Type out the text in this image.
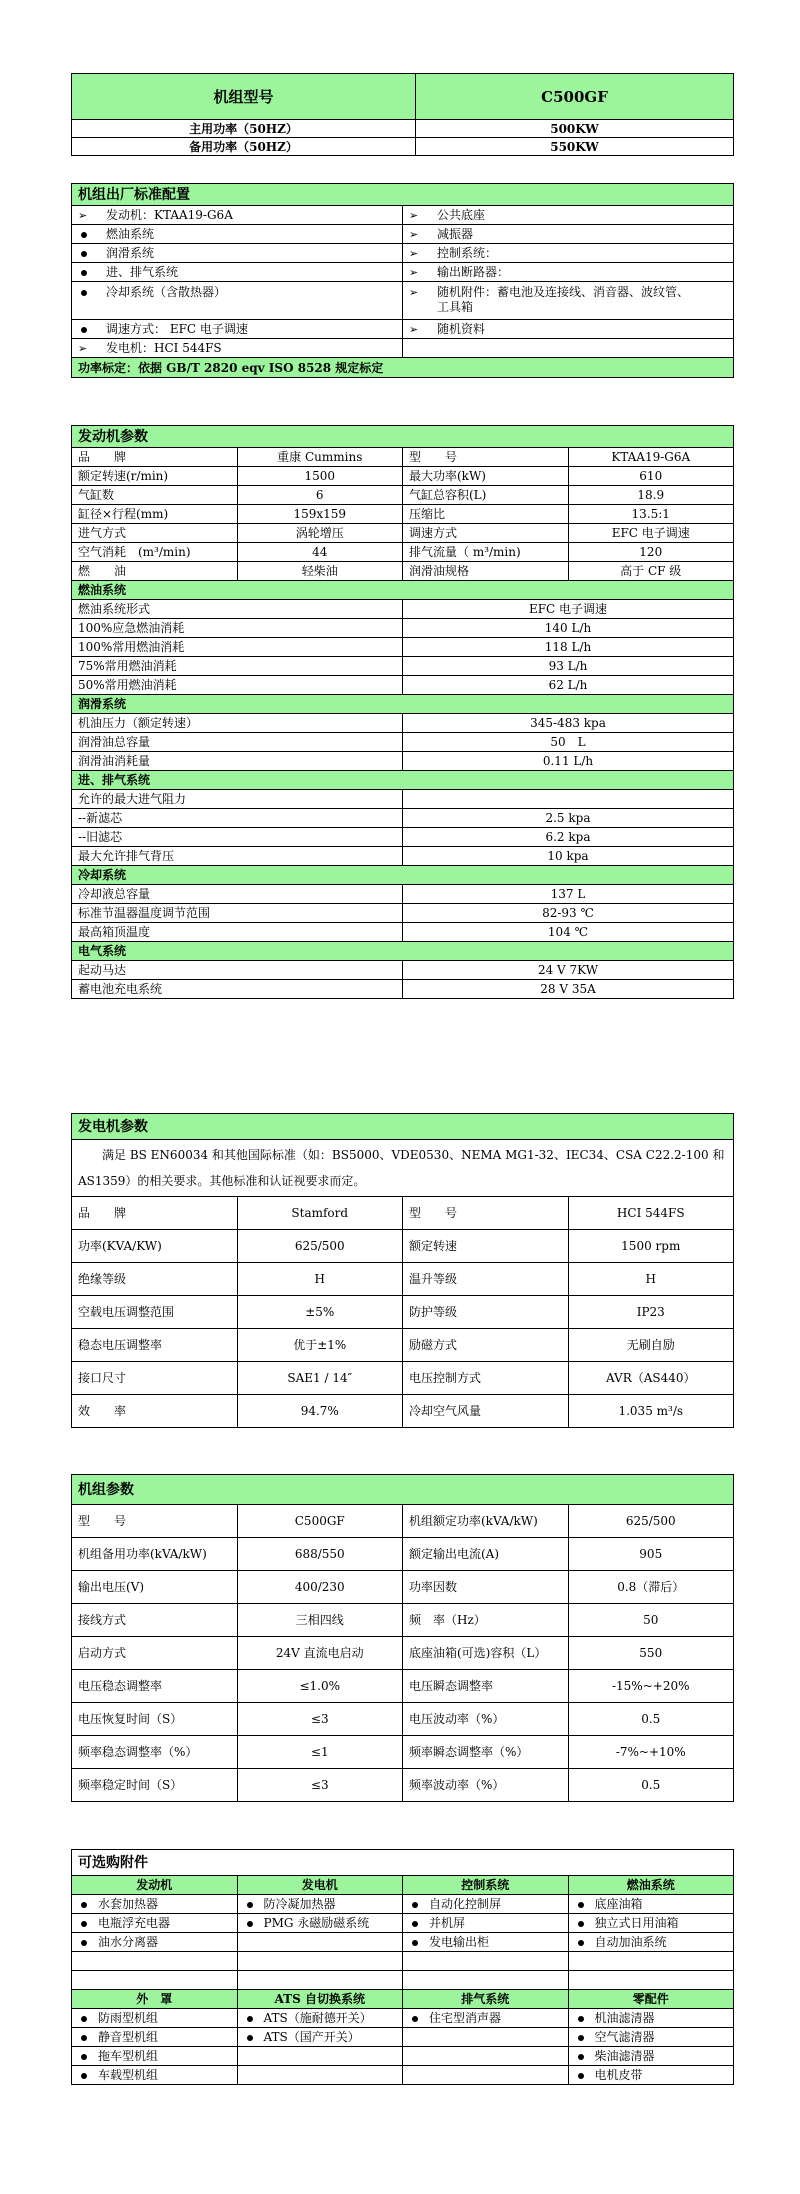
机组型号	C500GF
主用功率（50HZ）	500KW
备用功率（50HZ）	550KW
机组出厂标准配置	
➢ 发动机：KTAA19-G6A	➢ 公共底座
燃油系统	➢ 减振器
润滑系统	➢ 控制系统：
进、排气系统	➢ 输出断路器：
冷却系统（含散热器）	➢ 随机附件：蓄电池及连接线、消音器、波纹管、
工具箱

调速方式： EFC 电子调速	➢ 随机资料
➢ 发电机：HCI 544FS	
功率标定：依据 GB/T 2820 eqv ISO 8528 规定标定	
发动机参数			
品　　牌	重康 Cummins	型　　号	KTAA19-G6A
额定转速(r/min)	1500	最大功率(kW)	610
气缸数	6	气缸总容积(L)	18.9
缸径×行程(mm)	159x159	压缩比	13.5:1
进气方式	涡轮增压	调速方式	EFC 电子调速
空气消耗　(m³/min)	44	排气流量（ m³/min)	120
燃　　油	轻柴油	润滑油规格	高于 CF 级
燃油系统			
燃油系统形式		EFC 电子调速	
100%应急燃油消耗		140 L/h	
100%常用燃油消耗		118 L/h	
75%常用燃油消耗		93 L/h	
50%常用燃油消耗		62 L/h	
润滑系统			
机油压力（额定转速）		345-483 kpa	
润滑油总容量		50　L	
润滑油消耗量		0.11 L/h	
进、排气系统			
允许的最大进气阻力			
--新滤芯		2.5 kpa	
--旧滤芯		6.2 kpa	
最大允许排气背压		10 kpa	
冷却系统			
冷却液总容量		137 L	
标准节温器温度调节范围		82-93 ℃	
最高箱顶温度		104 ℃	
电气系统			
起动马达		24 V 7KW	
蓄电池充电系统		28 V 35A	
发电机参数			

满足 BS EN60034 和其他国际标准（如：BS5000、VDE0530、NEMA MG1-32、IEC34、CSA C22.2-100 和
AS1359）的相关要求。其他标准和认证视要求而定。			

品　　牌	Stamford	型　　号	HCI 544FS
功率(KVA/KW)	625/500	额定转速	1500 rpm
绝缘等级	H	温升等级	H
空载电压调整范围	±5%	防护等级	IP23
稳态电压调整率	优于±1%	励磁方式	无刷自励
接口尺寸	SAE1 / 14″	电压控制方式	AVR（AS440）
效　　率	94.7%	冷却空气风量	1.035 m³/s
机组参数			
型　　号	C500GF	机组额定功率(kVA/kW)	625/500
机组备用功率(kVA/kW)	688/550	额定输出电流(A)	905
输出电压(V)	400/230	功率因数	0.8（滞后）
接线方式	三相四线	频　率（Hz）	50
启动方式	24V 直流电启动	底座油箱(可选)容积（L）	550
电压稳态调整率	≤1.0%	电压瞬态调整率	-15%~+20%
电压恢复时间（S）	≤3	电压波动率（%）	0.5
频率稳态调整率（%）	≤1	频率瞬态调整率（%）	-7%~+10%
频率稳定时间（S）	≤3	频率波动率（%）	0.5
可选购附件			
发动机	发电机	控制系统	燃油系统
水套加热器	防冷凝加热器	自动化控制屏	底座油箱
电瓶浮充电器	PMG 永磁励磁系统	并机屏	独立式日用油箱
油水分离器		发电输出柜	自动加油系统

外　罩	ATS 自切换系统	排气系统	零配件
防雨型机组	ATS（施耐德开关）	住宅型消声器	机油滤清器
静音型机组	ATS（国产开关）		空气滤清器
拖车型机组			柴油滤清器
车载型机组			电机皮带
